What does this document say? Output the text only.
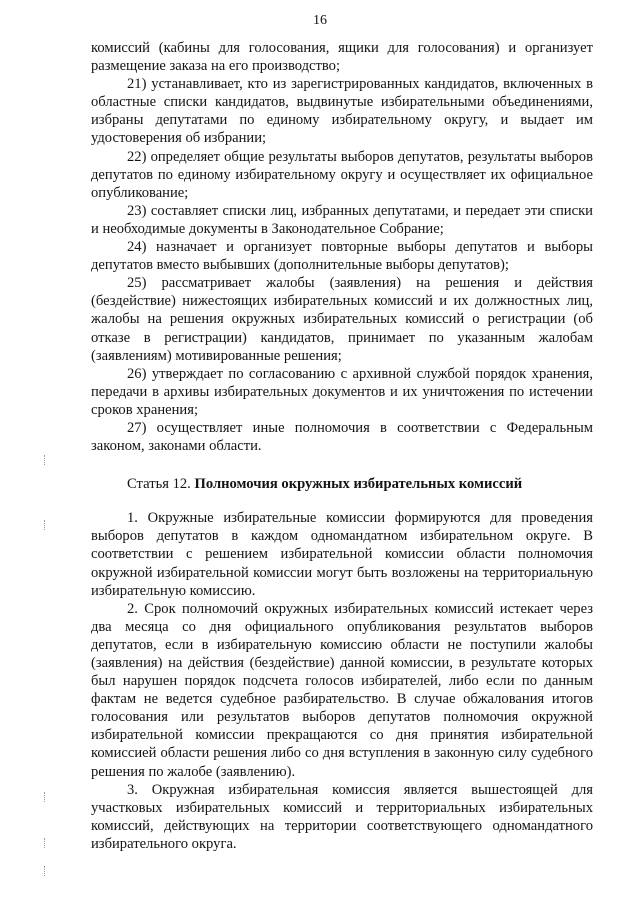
16

комиссий (кабины для голосования, ящики для голосования) и организует размещение заказа на его производство;

21) устанавливает, кто из зарегистрированных кандидатов, включенных в областные списки кандидатов, выдвинутые избирательными объединениями, избраны депутатами по единому избирательному округу, и выдает им удостоверения об избрании;

22) определяет общие результаты выборов депутатов, результаты выборов депутатов по единому избирательному округу и осуществляет их официальное опубликование;

23) составляет списки лиц, избранных депутатами, и передает эти списки и необходимые документы в Законодательное Собрание;

24) назначает и организует повторные выборы депутатов и выборы депутатов вместо выбывших (дополнительные выборы депутатов);

25) рассматривает жалобы (заявления) на решения и действия (бездействие) нижестоящих избирательных комиссий и их должностных лиц, жалобы на решения окружных избирательных комиссий о регистрации (об отказе в регистрации) кандидатов, принимает по указанным жалобам (заявлениям) мотивированные решения;

26) утверждает по согласованию с архивной службой порядок хранения, передачи в архивы избирательных документов и их уничтожения по истечении сроков хранения;

27) осуществляет иные полномочия в соответствии с Федеральным законом, законами области.

Статья 12. Полномочия окружных избирательных комиссий

1. Окружные избирательные комиссии формируются для проведения выборов депутатов в каждом одномандатном избирательном округе. В соответствии с решением избирательной комиссии области полномочия окружной избирательной комиссии могут быть возложены на территориальную избирательную комиссию.

2. Срок полномочий окружных избирательных комиссий истекает через два месяца со дня официального опубликования результатов выборов депутатов, если в избирательную комиссию области не поступили жалобы (заявления) на действия (бездействие) данной комиссии, в результате которых был нарушен порядок подсчета голосов избирателей, либо если по данным фактам не ведется судебное разбирательство. В случае обжалования итогов голосования или результатов выборов депутатов полномочия окружной избирательной комиссии прекращаются со дня принятия избирательной комиссией области решения либо со дня вступления в законную силу судебного решения по жалобе (заявлению).

3. Окружная избирательная комиссия является вышестоящей для участковых избирательных комиссий и территориальных избирательных комиссий, действующих на территории соответствующего одномандатного избирательного округа.
